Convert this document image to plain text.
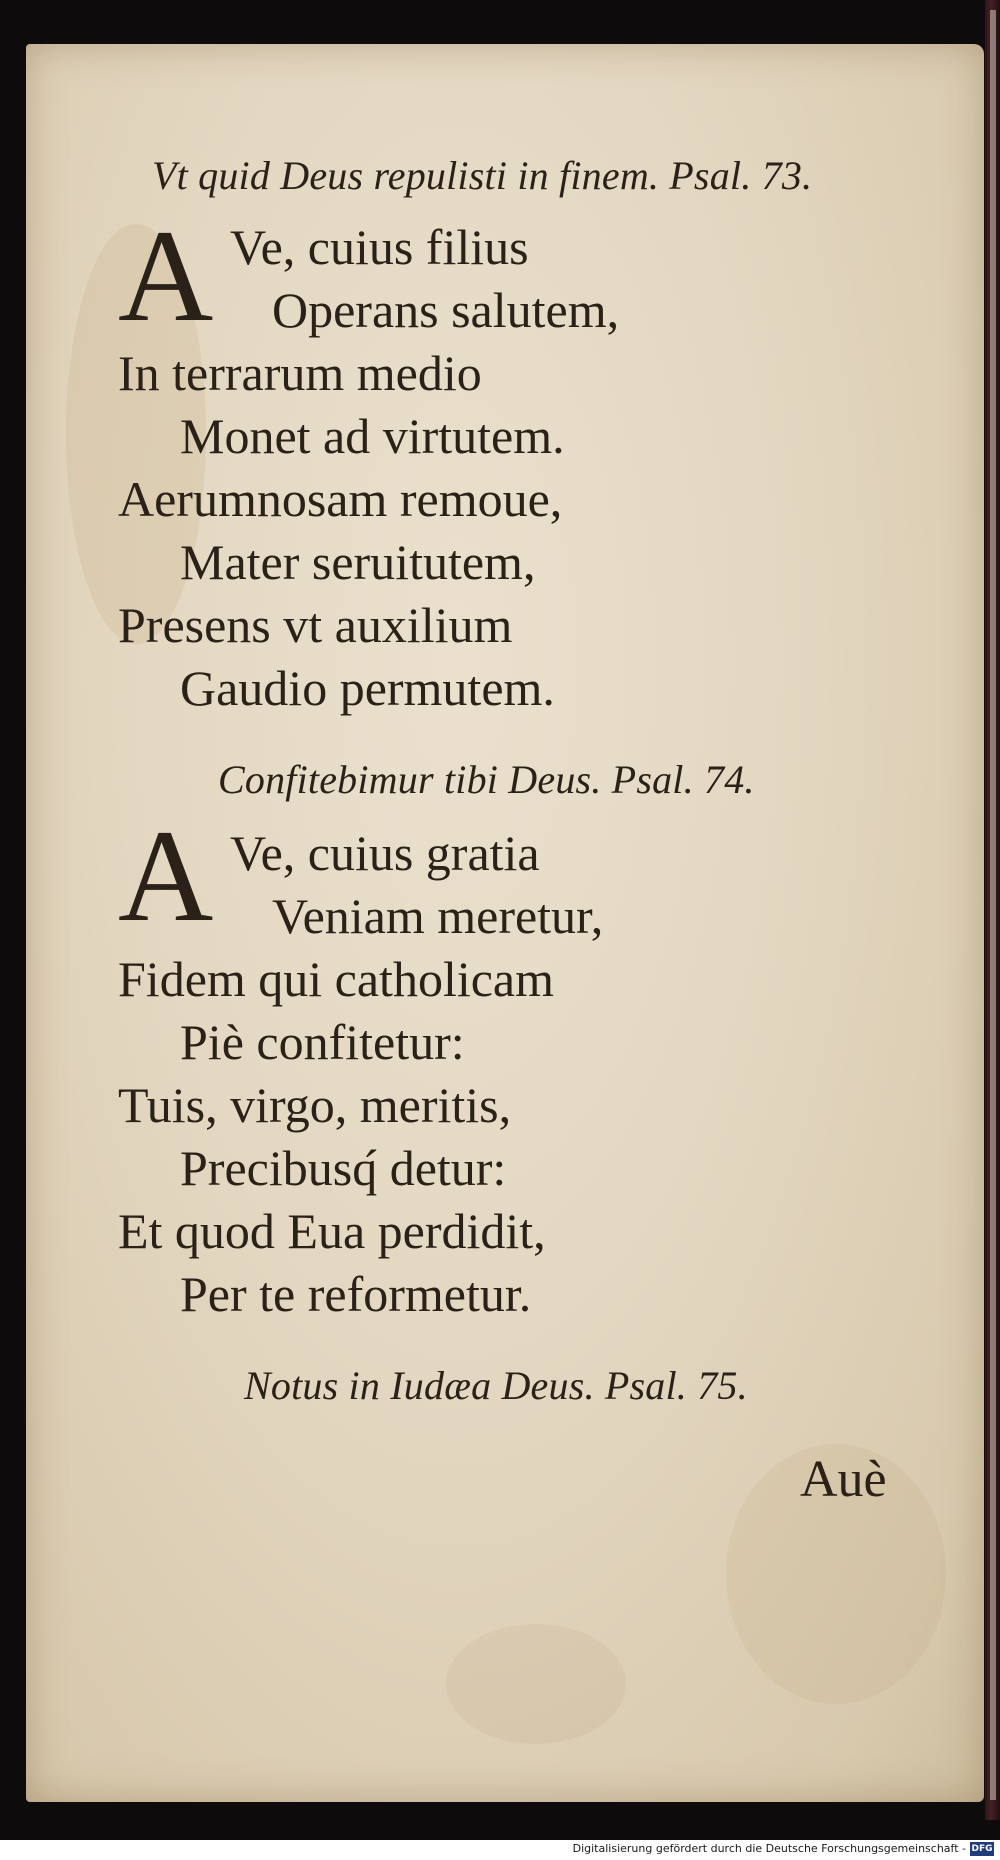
Vt quid Deus repulisti in finem. Psal. 73.
A Ve, cuius filius
Operans salutem,
In terrarum medio
Monet ad virtutem.
Aerumnosam remoue,
Mater seruitutem,
Presens vt auxilium
Gaudio permutem.
Confitebimur tibi Deus. Psal. 74.
A Ve, cuius gratia
Veniam meretur,
Fidem qui catholicam
Piè confitetur:
Tuis, virgo, meritis,
Precibusq́ detur:
Et quod Eua perdidit,
Per te reformetur.
Notus in Iudæa Deus. Psal. 75.
Auè
Digitalisierung gefördert durch die Deutsche Forschungsgemeinschaft - DFG
